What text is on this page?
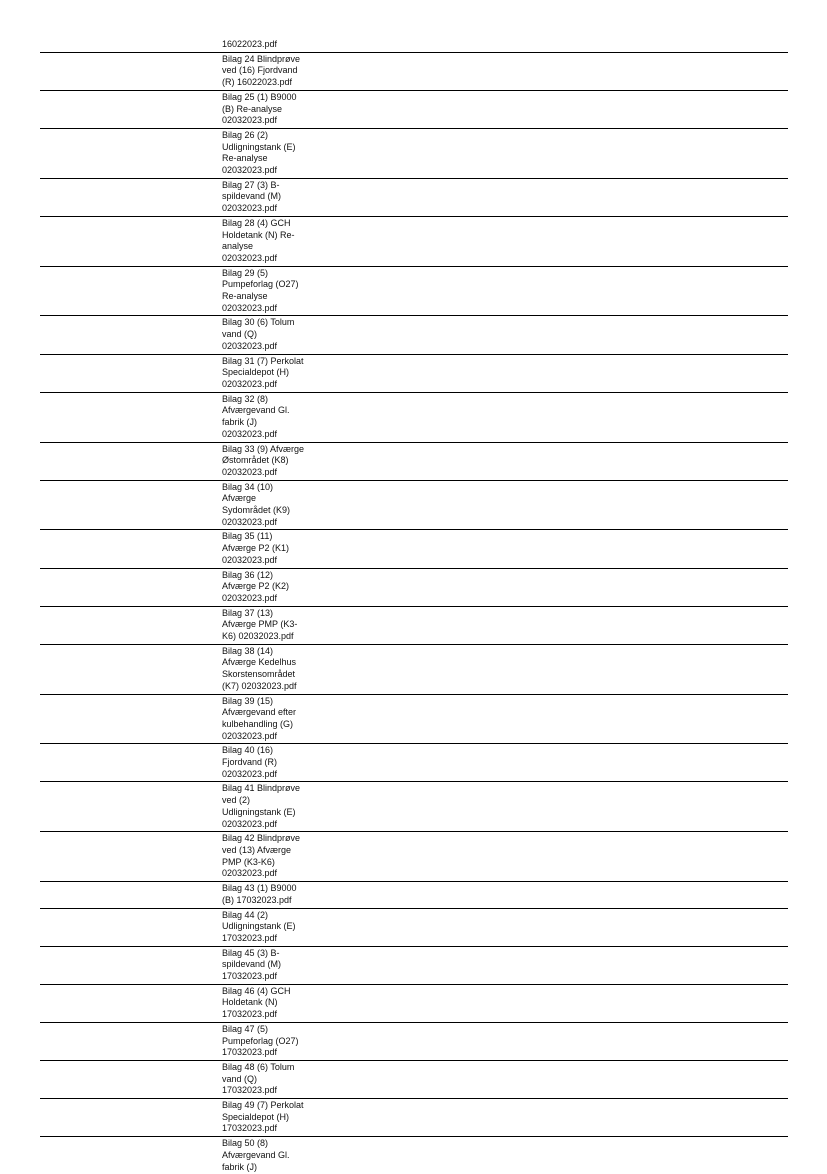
16022023.pdf
Bilag 24 Blindprøve
ved (16) Fjordvand
(R) 16022023.pdf
Bilag 25 (1) B9000
(B) Re-analyse
02032023.pdf
Bilag 26 (2)
Udligningstank (E)
Re-analyse
02032023.pdf
Bilag 27 (3) B-
spildevand (M)
02032023.pdf
Bilag 28 (4) GCH
Holdetank (N) Re-
analyse
02032023.pdf
Bilag 29 (5)
Pumpeforlag (O27)
Re-analyse
02032023.pdf
Bilag 30 (6) Tolum
vand (Q)
02032023.pdf
Bilag 31 (7) Perkolat
Specialdepot (H)
02032023.pdf
Bilag 32 (8)
Afværgevand Gl.
fabrik (J)
02032023.pdf
Bilag 33 (9) Afværge
Østområdet (K8)
02032023.pdf
Bilag 34 (10)
Afværge
Sydområdet (K9)
02032023.pdf
Bilag 35 (11)
Afværge P2 (K1)
02032023.pdf
Bilag 36 (12)
Afværge P2 (K2)
02032023.pdf
Bilag 37 (13)
Afværge PMP (K3-
K6) 02032023.pdf
Bilag 38 (14)
Afværge Kedelhus
Skorstensområdet
(K7) 02032023.pdf
Bilag 39 (15)
Afværgevand efter
kulbehandling (G)
02032023.pdf
Bilag 40 (16)
Fjordvand (R)
02032023.pdf
Bilag 41 Blindprøve
ved (2)
Udligningstank (E)
02032023.pdf
Bilag 42 Blindprøve
ved (13) Afværge
PMP (K3-K6)
02032023.pdf
Bilag 43 (1) B9000
(B) 17032023.pdf
Bilag 44 (2)
Udligningstank (E)
17032023.pdf
Bilag 45 (3) B-
spildevand (M)
17032023.pdf
Bilag 46 (4) GCH
Holdetank (N)
17032023.pdf
Bilag 47 (5)
Pumpeforlag (O27)
17032023.pdf
Bilag 48 (6) Tolum
vand (Q)
17032023.pdf
Bilag 49 (7) Perkolat
Specialdepot (H)
17032023.pdf
Bilag 50 (8)
Afværgevand Gl.
fabrik (J)
